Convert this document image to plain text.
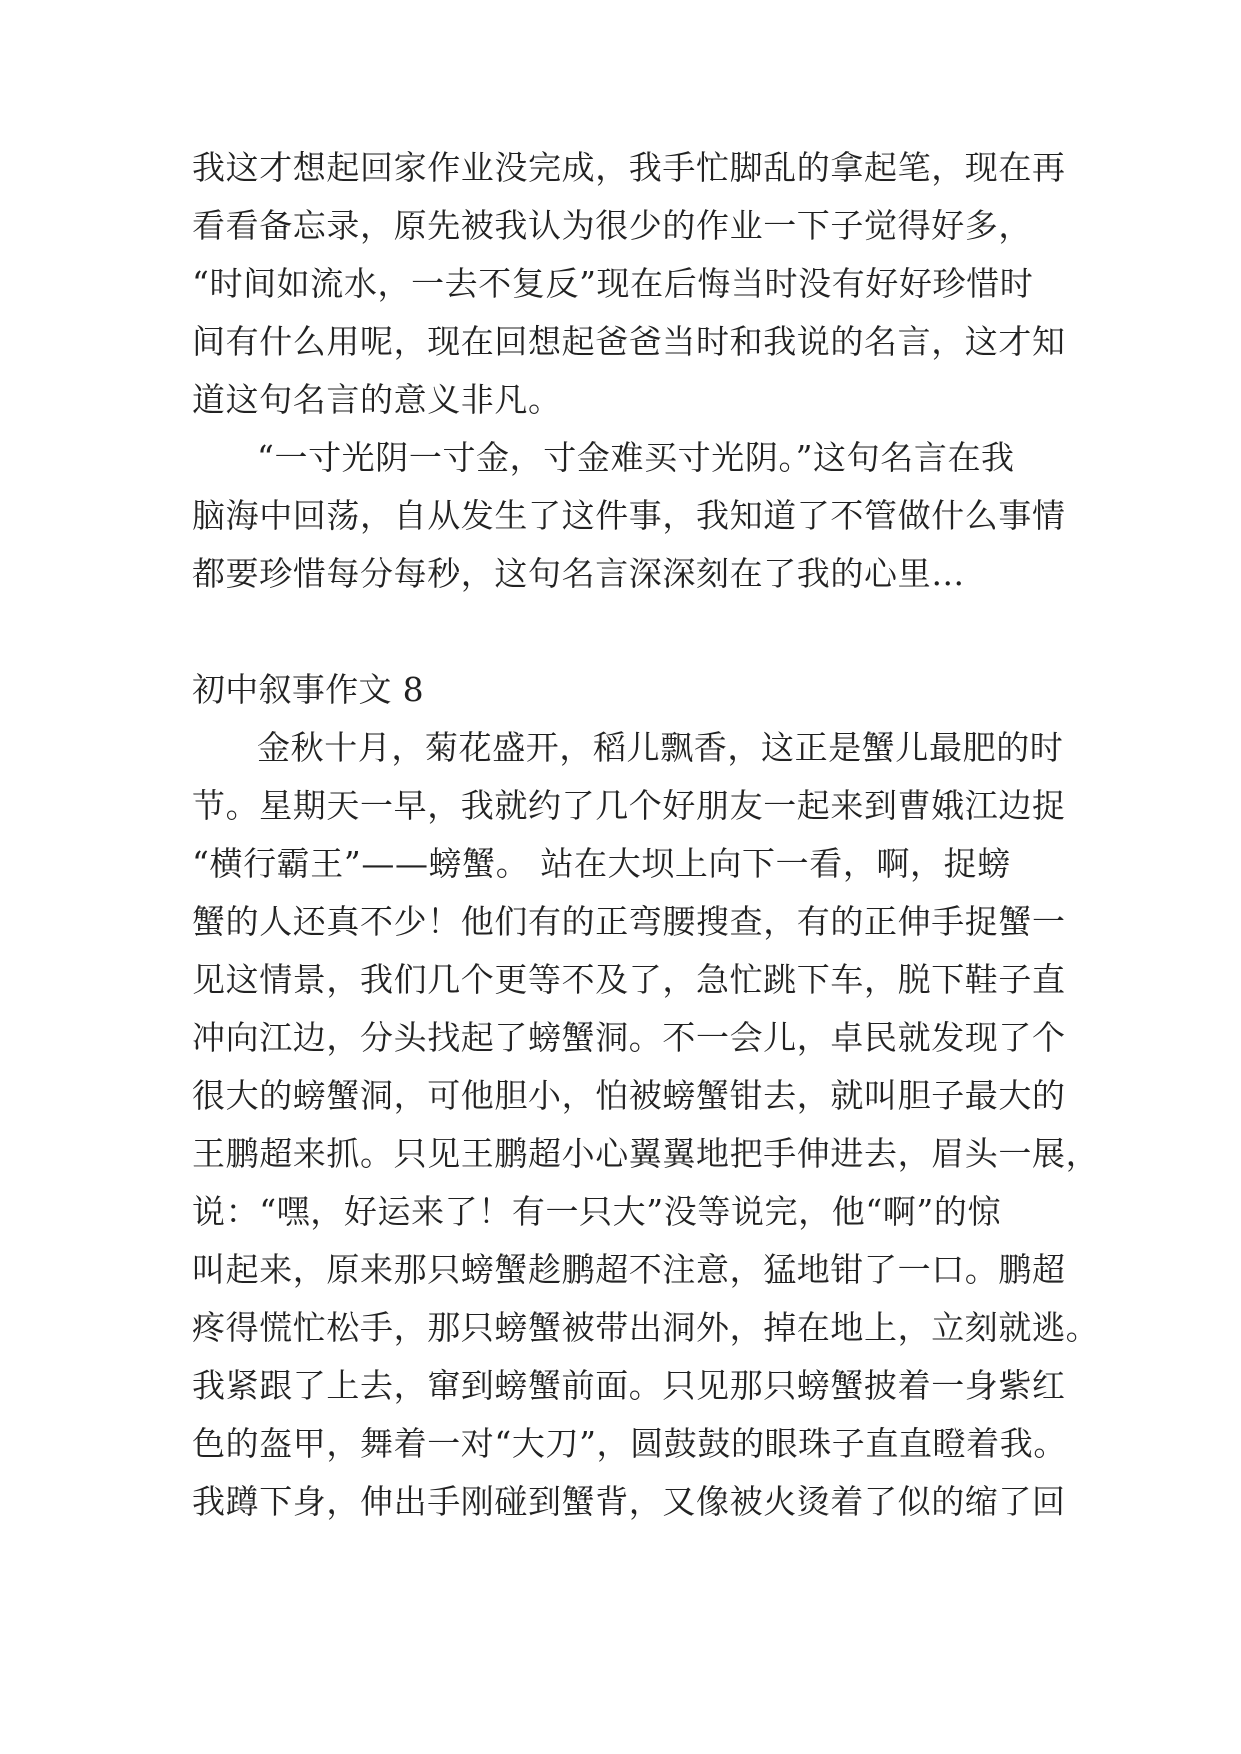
我这才想起回家作业没完成，我手忙脚乱的拿起笔，现在再
看看备忘录，原先被我认为很少的作业一下子觉得好多，
“时间如流水，一去不复反”现在后悔当时没有好好珍惜时
间有什么用呢，现在回想起爸爸当时和我说的名言，这才知
道这句名言的意义非凡。
“一寸光阴一寸金，寸金难买寸光阴。”这句名言在我
脑海中回荡，自从发生了这件事，我知道了不管做什么事情
都要珍惜每分每秒，这句名言深深刻在了我的心里…
初中叙事作文 8
金秋十月，菊花盛开，稻儿飘香，这正是蟹儿最肥的时
节。星期天一早，我就约了几个好朋友一起来到曹娥江边捉
“横行霸王”——螃蟹。 站在大坝上向下一看，啊，捉螃
蟹的人还真不少！他们有的正弯腰搜查，有的正伸手捉蟹一
见这情景，我们几个更等不及了，急忙跳下车，脱下鞋子直
冲向江边，分头找起了螃蟹洞。不一会儿，卓民就发现了个
很大的螃蟹洞，可他胆小，怕被螃蟹钳去，就叫胆子最大的
王鹏超来抓。只见王鹏超小心翼翼地把手伸进去，眉头一展，
说：“嘿，好运来了！有一只大”没等说完，他“啊”的惊
叫起来，原来那只螃蟹趁鹏超不注意，猛地钳了一口。鹏超
疼得慌忙松手，那只螃蟹被带出洞外，掉在地上，立刻就逃。
我紧跟了上去，窜到螃蟹前面。只见那只螃蟹披着一身紫红
色的盔甲，舞着一对“大刀”，圆鼓鼓的眼珠子直直瞪着我。
我蹲下身，伸出手刚碰到蟹背，又像被火烫着了似的缩了回
